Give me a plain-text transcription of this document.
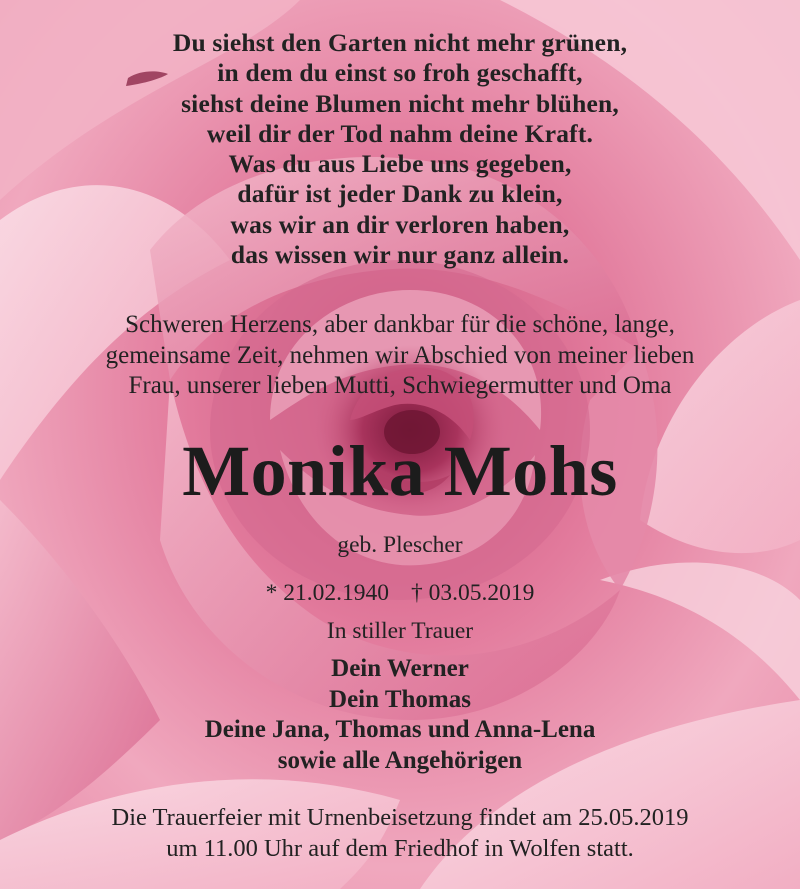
Du siehst den Garten nicht mehr grünen,
in dem du einst so froh geschafft,
siehst deine Blumen nicht mehr blühen,
weil dir der Tod nahm deine Kraft.
Was du aus Liebe uns gegeben,
dafür ist jeder Dank zu klein,
was wir an dir verloren haben,
das wissen wir nur ganz allein.
Schweren Herzens, aber dankbar für die schöne, lange,
gemeinsame Zeit, nehmen wir Abschied von meiner lieben
Frau, unserer lieben Mutti, Schwiegermutter und Oma
Monika Mohs
geb. Plescher
* 21.02.1940 † 03.05.2019
In stiller Trauer
Dein Werner
Dein Thomas
Deine Jana, Thomas und Anna-Lena
sowie alle Angehörigen
Die Trauerfeier mit Urnenbeisetzung findet am 25.05.2019
um 11.00 Uhr auf dem Friedhof in Wolfen statt.
